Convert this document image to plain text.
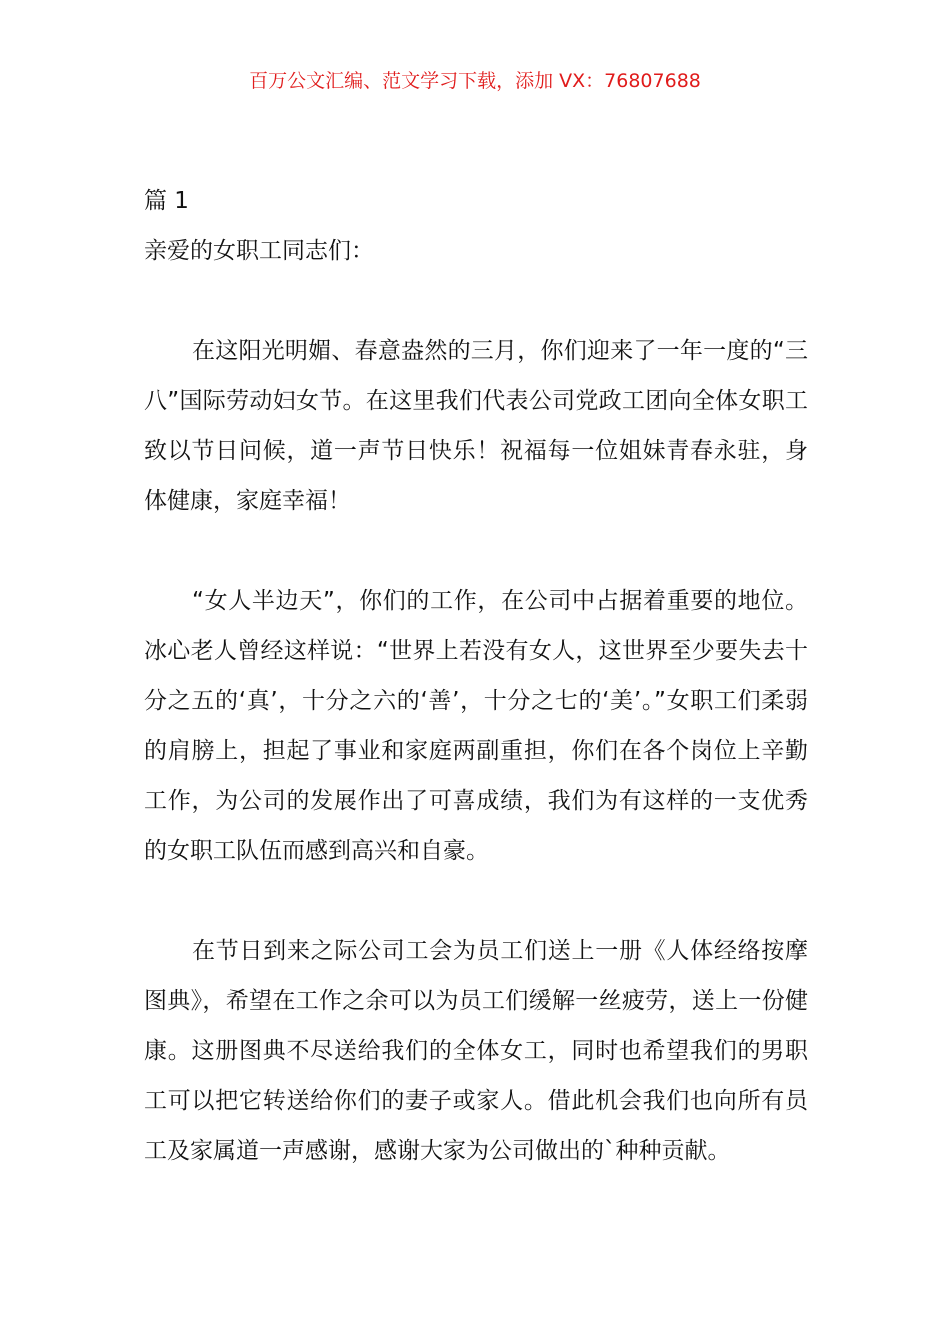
百万公文汇编、范文学习下载，添加 VX：76807688

篇 1

亲爱的女职工同志们：

在这阳光明媚、春意盎然的三月，你们迎来了一年一度的“三八”国际劳动妇女节。在这里我们代表公司党政工团向全体女职工致以节日问候，道一声节日快乐！祝福每一位姐妹青春永驻，身体健康，家庭幸福！

“女人半边天”，你们的工作，在公司中占据着重要的地位。冰心老人曾经这样说：“世界上若没有女人，这世界至少要失去十分之五的‘真’，十分之六的‘善’，十分之七的‘美’。”女职工们柔弱的肩膀上，担起了事业和家庭两副重担，你们在各个岗位上辛勤工作，为公司的发展作出了可喜成绩，我们为有这样的一支优秀的女职工队伍而感到高兴和自豪。

在节日到来之际公司工会为员工们送上一册《人体经络按摩图典》，希望在工作之余可以为员工们缓解一丝疲劳，送上一份健康。这册图典不尽送给我们的全体女工，同时也希望我们的男职工可以把它转送给你们的妻子或家人。借此机会我们也向所有员工及家属道一声感谢，感谢大家为公司做出的`种种贡献。
